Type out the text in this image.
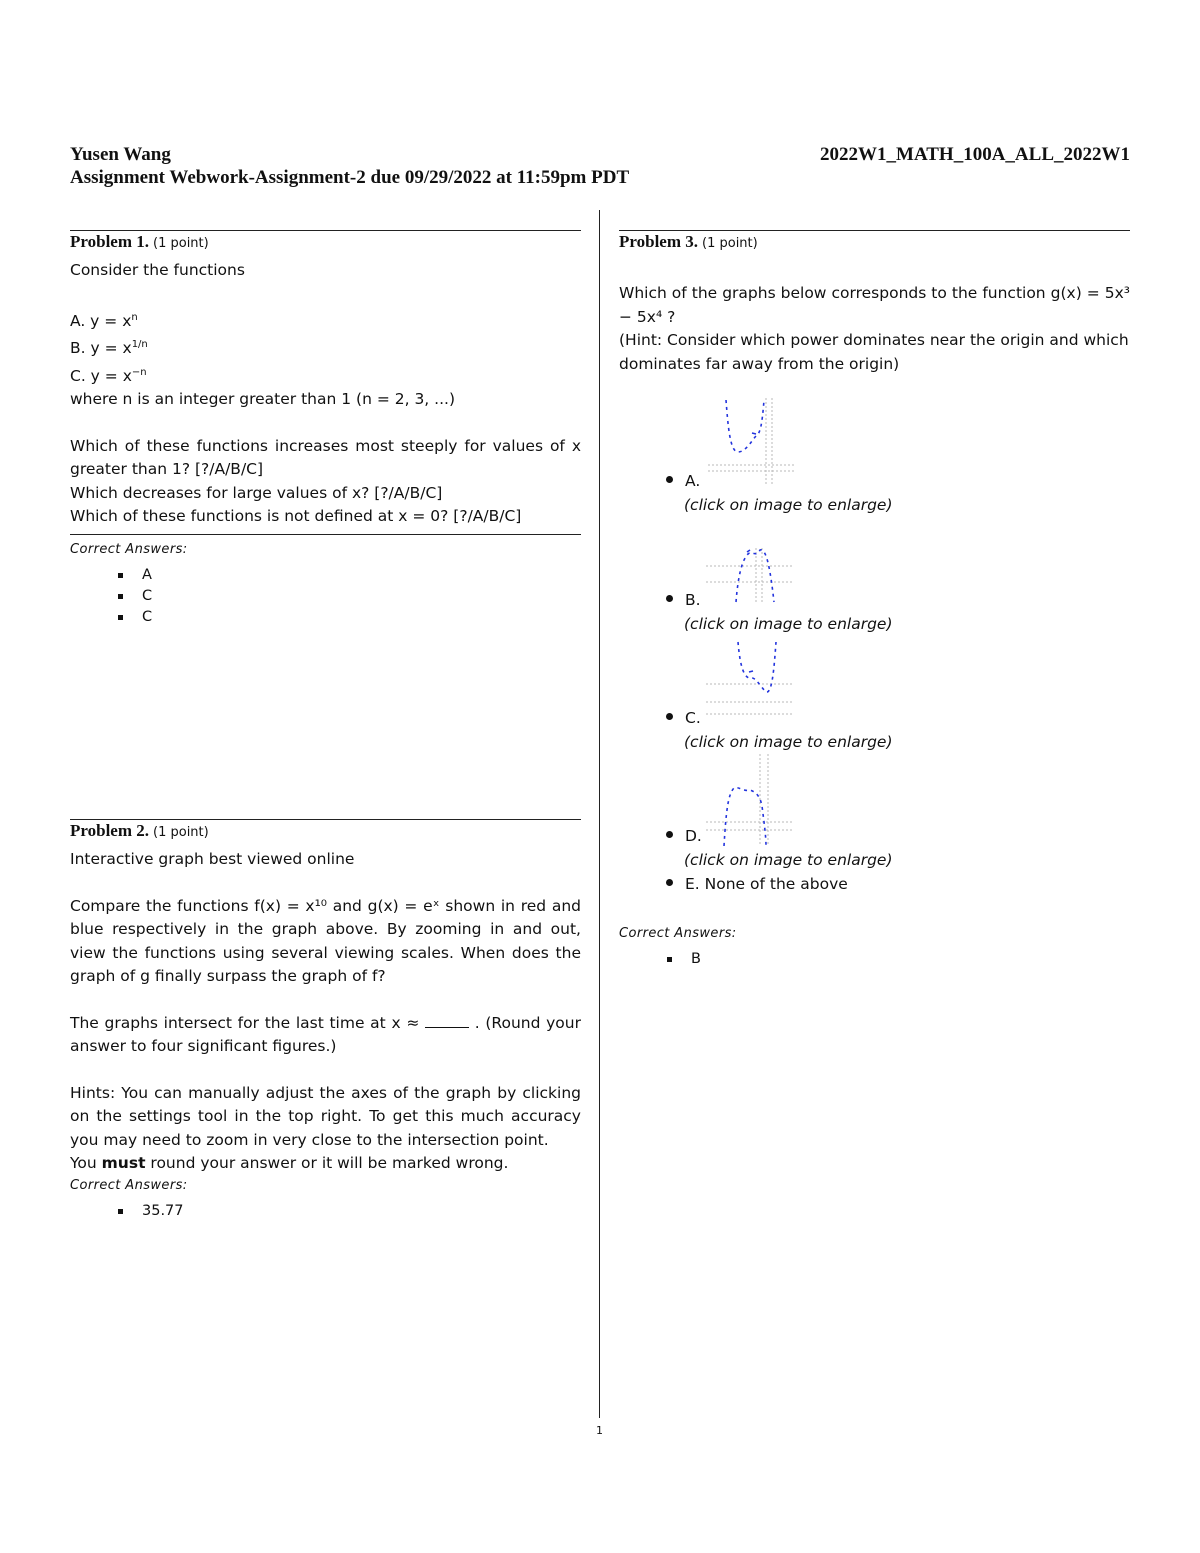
Yusen Wang	2022W1_MATH_100A_ALL_2022W1
Assignment Webwork-Assignment-2 due 09/29/2022 at 11:59pm PDT
Problem 1. (1 point)
Consider the functions
A. $y = x^n$
B. $y = x^{1/n}$
C. $y = x^{-n}$
where n is an integer greater than 1 (n = 2, 3, ...)
Which of these functions increases most steeply for values of x greater than 1? [?/A/B/C]
Which decreases for large values of x? [?/A/B/C]
Which of these functions is not defined at x = 0? [?/A/B/C]
Correct Answers:
A
C
C
Problem 2. (1 point)
Interactive graph best viewed online
Compare the functions f(x) = x¹⁰ and g(x) = eˣ shown in red and blue respectively in the graph above. By zooming in and out, view the functions using several viewing scales. When does the graph of g finally surpass the graph of f?
The graphs intersect for the last time at x ≈	. (Round your answer to four significant figures.)
Hints: You can manually adjust the axes of the graph by clicking on the settings tool in the top right. To get this much accuracy you may need to zoom in very close to the intersection point.
You must round your answer or it will be marked wrong.
Correct Answers:
35.77
Problem 3. (1 point)
Which of the graphs below corresponds to the function g(x) = 5x³ − 5x⁴ ?
(Hint: Consider which power dominates near the origin and which dominates far away from the origin)
A.
(click on image to enlarge)
B.
(click on image to enlarge)
C.
(click on image to enlarge)
D.
(click on image to enlarge)
E. None of the above
Correct Answers:
B
1
